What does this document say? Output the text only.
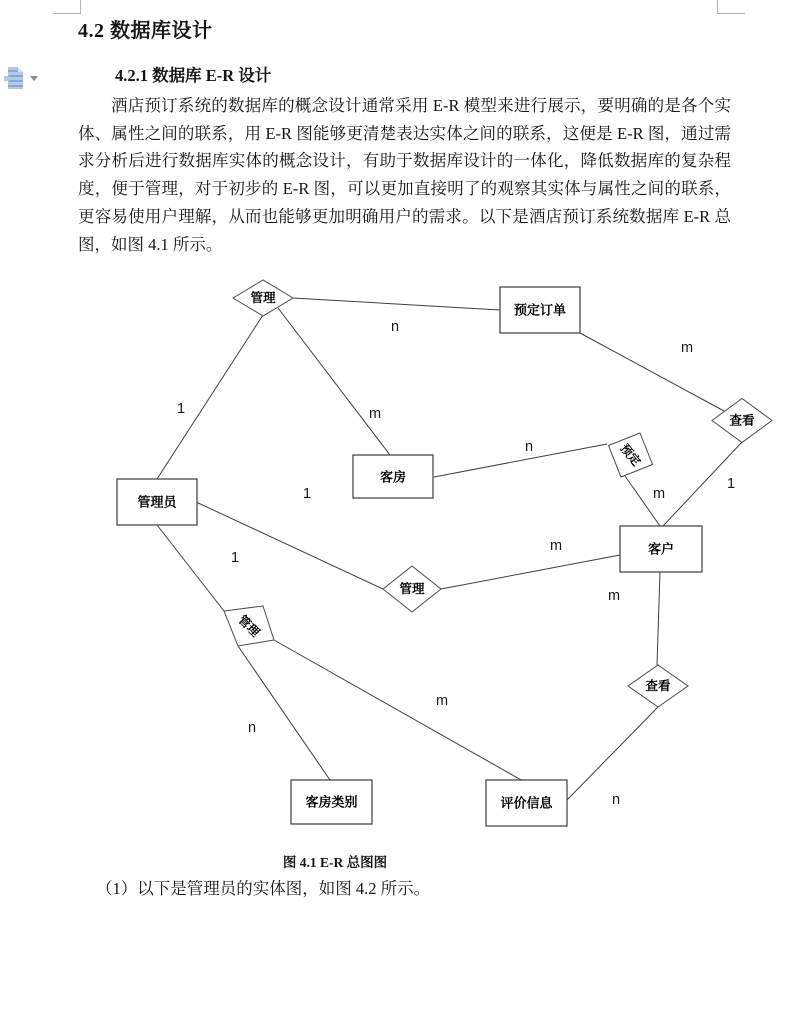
4.2 数据库设计
4.2.1 数据库 E-R 设计
酒店预订系统的数据库的概念设计通常采用 E-R 模型来进行展示，要明确的是各个实体、属性之间的联系，用 E-R 图能够更清楚表达实体之间的联系，这便是 E-R 图，通过需求分析后进行数据库实体的概念设计，有助于数据库设计的一体化，降低数据库的复杂程度，便于管理，对于初步的 E-R 图，可以更加直接明了的观察其实体与属性之间的联系，更容易使用户理解，从而也能够更加明确用户的需求。以下是酒店预订系统数据库 E-R 总图，如图 4.1 所示。
预定订单
客房
管理员
客户
客房类别	评价信息
管理
查看
预定
管理
管理
查看
n
1	m
m
1
n
m
1
m
1
n
m
m
n
图 4.1 E-R 总图图
（1）以下是管理员的实体图，如图 4.2 所示。
